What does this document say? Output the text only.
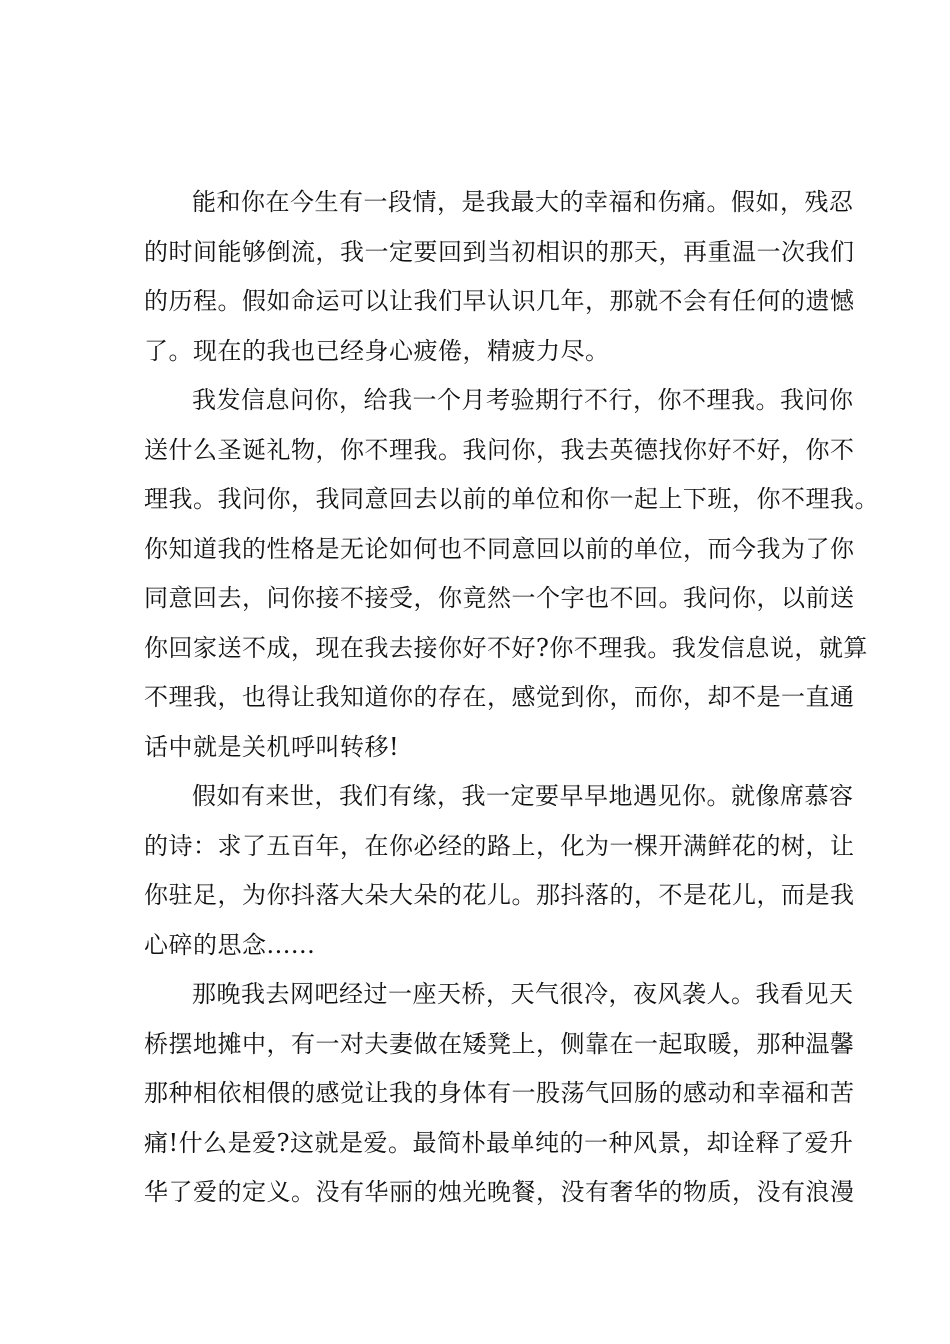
能和你在今生有一段情，是我最大的幸福和伤痛。假如，残忍
的时间能够倒流，我一定要回到当初相识的那天，再重温一次我们
的历程。假如命运可以让我们早认识几年，那就不会有任何的遗憾
了。现在的我也已经身心疲倦，精疲力尽。
我发信息问你，给我一个月考验期行不行，你不理我。我问你
送什么圣诞礼物，你不理我。我问你，我去英德找你好不好，你不
理我。我问你，我同意回去以前的单位和你一起上下班，你不理我。
你知道我的性格是无论如何也不同意回以前的单位，而今我为了你
同意回去，问你接不接受，你竟然一个字也不回。我问你，以前送
你回家送不成，现在我去接你好不好?你不理我。我发信息说，就算
不理我，也得让我知道你的存在，感觉到你，而你，却不是一直通
话中就是关机呼叫转移!
假如有来世，我们有缘，我一定要早早地遇见你。就像席慕容
的诗：求了五百年，在你必经的路上，化为一棵开满鲜花的树，让
你驻足，为你抖落大朵大朵的花儿。那抖落的，不是花儿，而是我
心碎的思念......
那晚我去网吧经过一座天桥，天气很冷，夜风袭人。我看见天
桥摆地摊中，有一对夫妻做在矮凳上，侧靠在一起取暖，那种温馨
那种相依相偎的感觉让我的身体有一股荡气回肠的感动和幸福和苦
痛!什么是爱?这就是爱。最简朴最单纯的一种风景，却诠释了爱升
华了爱的定义。没有华丽的烛光晚餐，没有奢华的物质，没有浪漫
